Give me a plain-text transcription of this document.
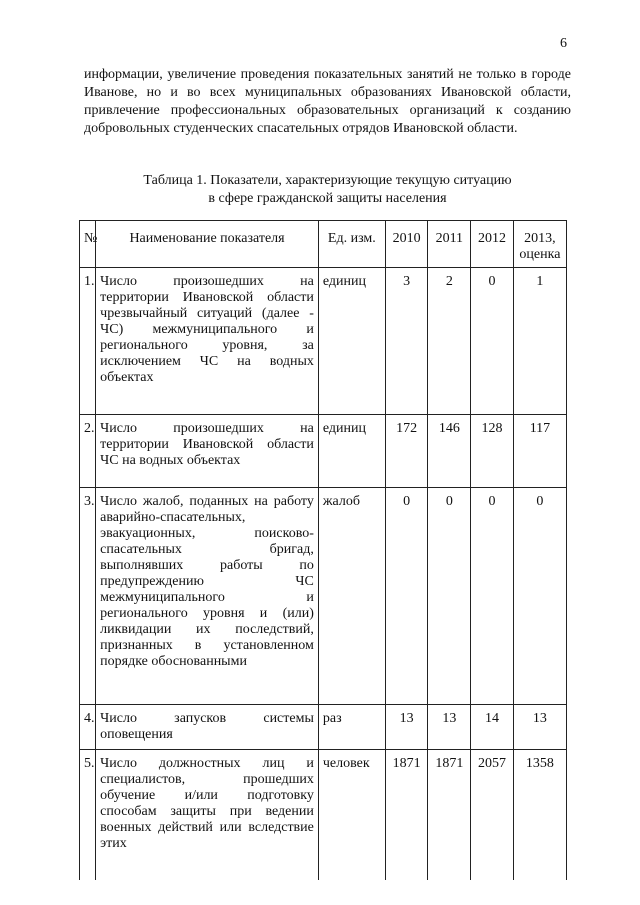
6

информации, увеличение проведения показательных занятий не только в городе Иванове, но и во всех муниципальных образованиях Ивановской области, привлечение профессиональных образовательных организаций к созданию добровольных студенческих спасательных отрядов Ивановской области.

Таблица 1. Показатели, характеризующие текущую ситуацию
в сфере гражданской защиты населения
№	Наименование показателя	Ед. изм.	2010	2011	2012	2013, оценка
1.	Число произошедших на территории Ивановской области чрезвычайный ситуаций (далее - ЧС) межмуниципального и регионального уровня, за исключением ЧС на водных объектах	единиц	3	2	0	1
2.	Число произошедших на территории Ивановской области ЧС на водных объектах	единиц	172	146	128	117
3.	Число жалоб, поданных на работу аварийно-спасательных, эвакуационных, поисково-спасательных бригад, выполнявших работы по предупреждению ЧС межмуниципального и регионального уровня и (или) ликвидации их последствий, признанных в установленном порядке обоснованными	жалоб	0	0	0	0
4.	Число запусков системы оповещения	раз	13	13	14	13
5.	Число должностных лиц и специалистов, прошедших обучение и/или подготовку способам защиты при ведении военных действий или вследствие этих	человек	1871	1871	2057	1358
